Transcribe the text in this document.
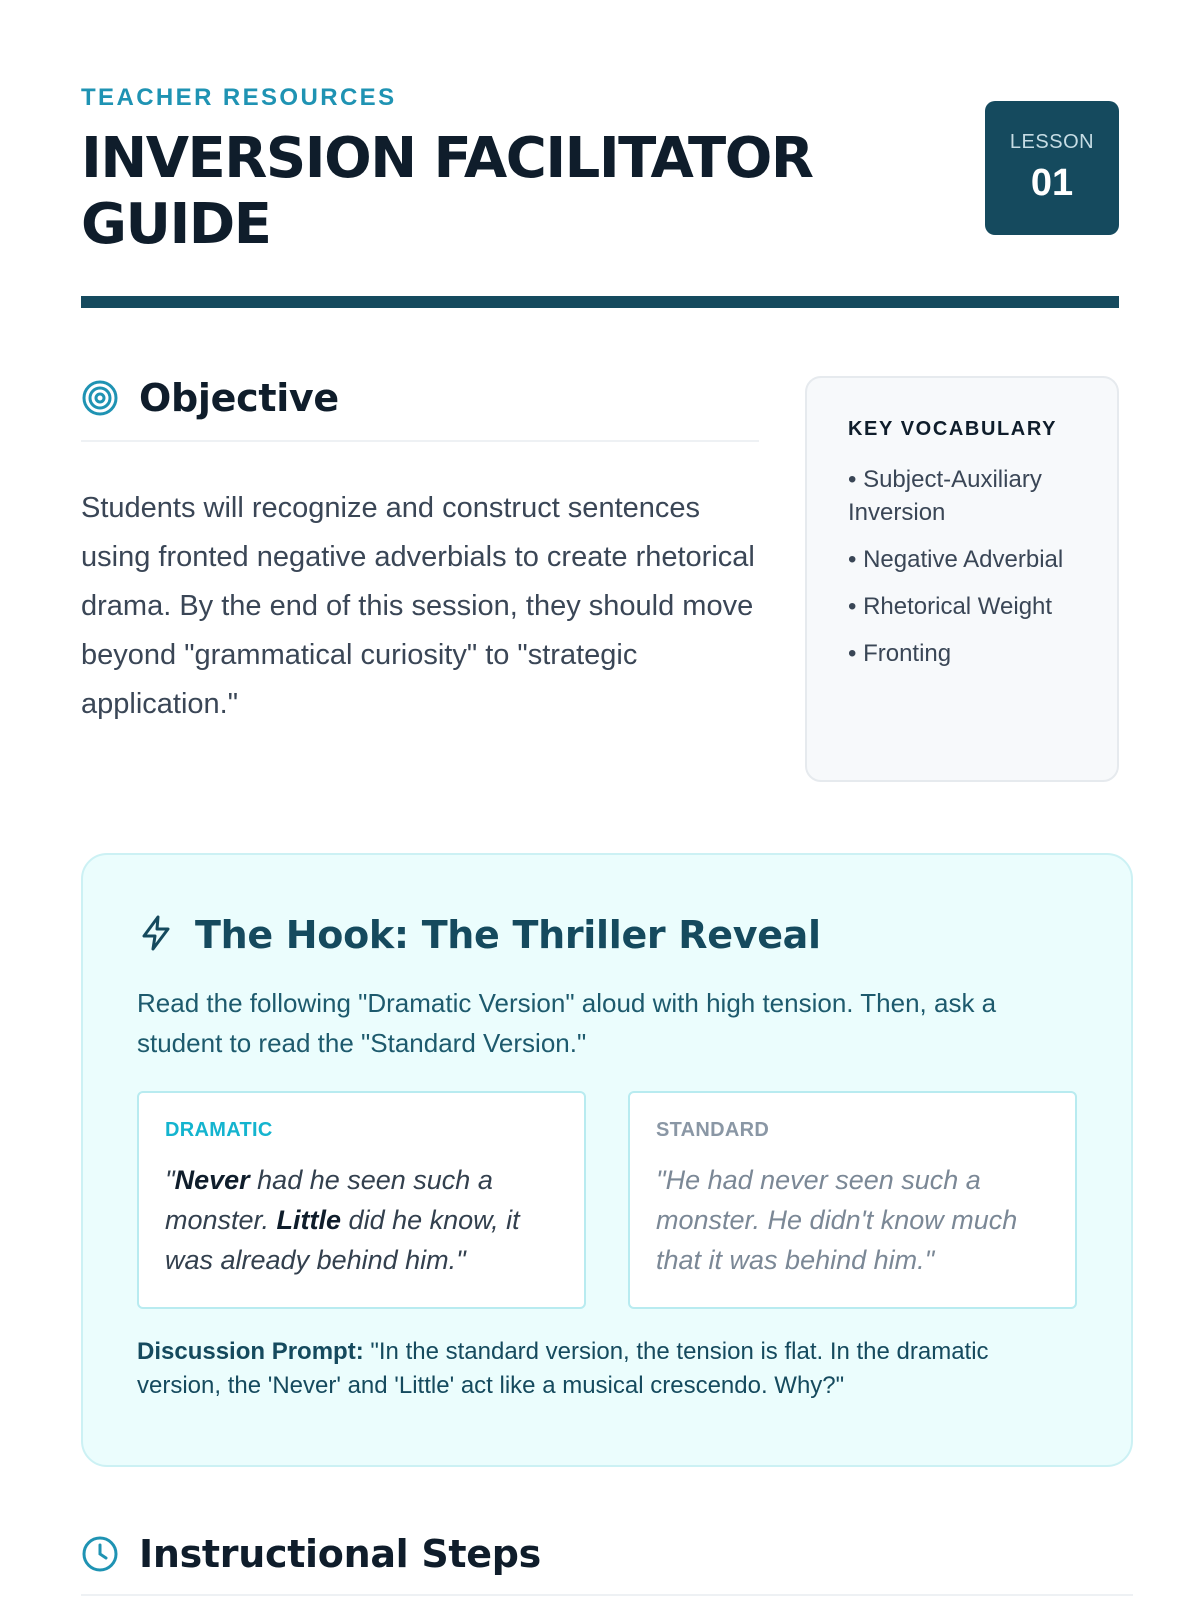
TEACHER RESOURCES
INVERSION FACILITATOR GUIDE
LESSON
01
Objective

Students will recognize and construct sentences using fronted negative adverbials to create rhetorical drama. By the end of this session, they should move beyond "grammatical curiosity" to "strategic application."

KEY VOCABULARY
• Subject-Auxiliary Inversion
• Negative Adverbial
• Rhetorical Weight
• Fronting
The Hook: The Thriller Reveal

Read the following "Dramatic Version" aloud with high tension. Then, ask a student to read the "Standard Version."

DRAMATIC

"Never had he seen such a monster. Little did he know, it was already behind him."

STANDARD

"He had never seen such a monster. He didn't know much that it was behind him."

Discussion Prompt: "In the standard version, the tension is flat. In the dramatic version, the 'Never' and 'Little' act like a musical crescendo. Why?"

Instructional Steps
